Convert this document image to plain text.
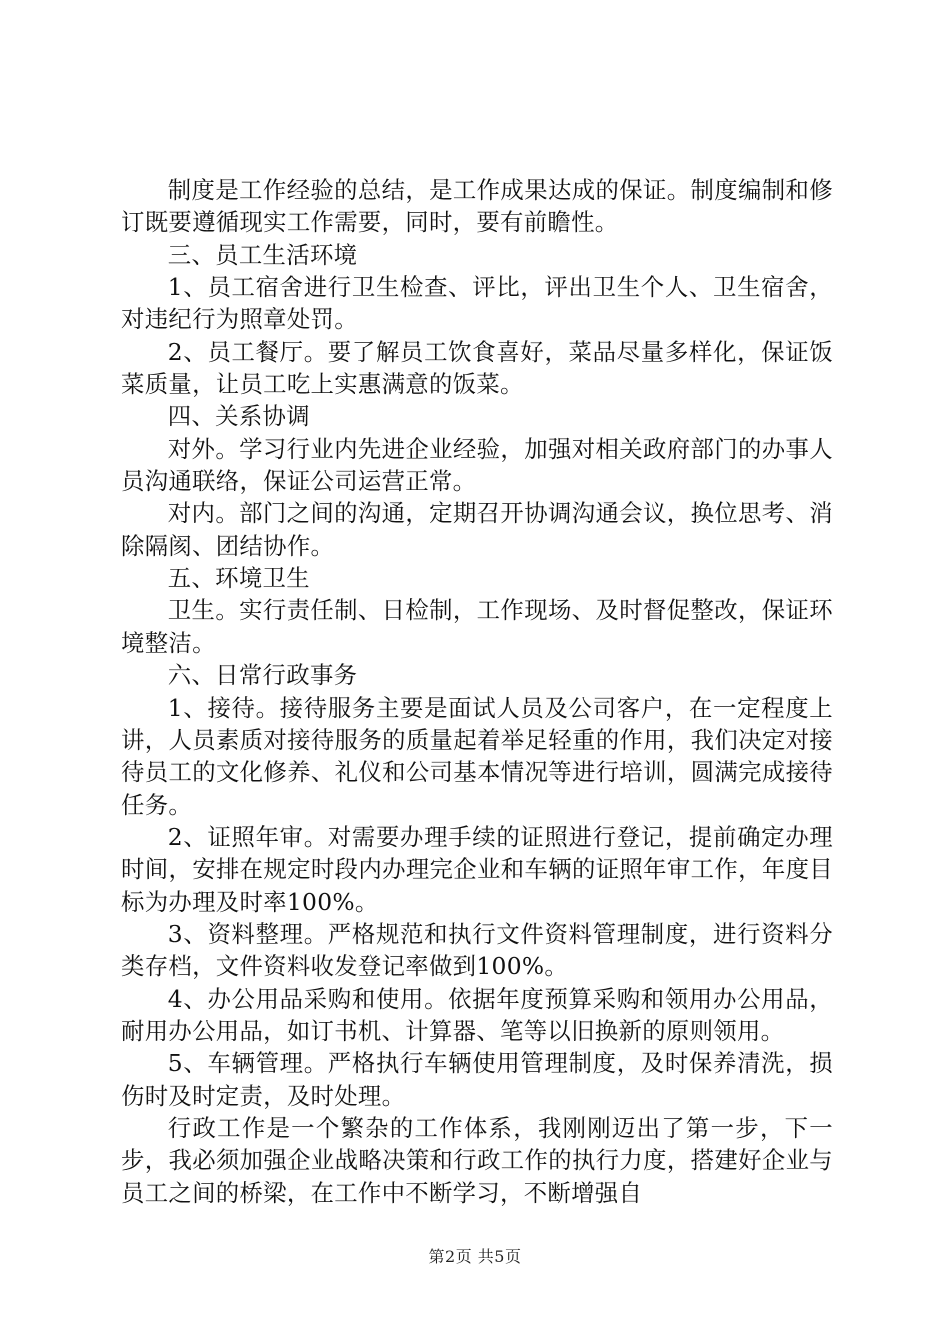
制度是工作经验的总结，是工作成果达成的保证。制度编制和修订既要遵循现实工作需要，同时，要有前瞻性。

三、员工生活环境

1、员工宿舍进行卫生检查、评比，评出卫生个人、卫生宿舍，对违纪行为照章处罚。

2、员工餐厅。要了解员工饮食喜好，菜品尽量多样化，保证饭菜质量，让员工吃上实惠满意的饭菜。

四、关系协调

对外。学习行业内先进企业经验，加强对相关政府部门的办事人员沟通联络，保证公司运营正常。

对内。部门之间的沟通，定期召开协调沟通会议，换位思考、消除隔阂、团结协作。

五、环境卫生

卫生。实行责任制、日检制，工作现场、及时督促整改，保证环境整洁。

六、日常行政事务

1、接待。接待服务主要是面试人员及公司客户，在一定程度上讲，人员素质对接待服务的质量起着举足轻重的作用，我们决定对接待员工的文化修养、礼仪和公司基本情况等进行培训，圆满完成接待任务。

2、证照年审。对需要办理手续的证照进行登记，提前确定办理时间，安排在规定时段内办理完企业和车辆的证照年审工作，年度目标为办理及时率100%。

3、资料整理。严格规范和执行文件资料管理制度，进行资料分类存档，文件资料收发登记率做到100%。

4、办公用品采购和使用。依据年度预算采购和领用办公用品，耐用办公用品，如订书机、计算器、笔等以旧换新的原则领用。

5、车辆管理。严格执行车辆使用管理制度，及时保养清洗，损伤时及时定责，及时处理。

行政工作是一个繁杂的工作体系，我刚刚迈出了第一步，下一步，我必须加强企业战略决策和行政工作的执行力度，搭建好企业与员工之间的桥梁，在工作中不断学习，不断增强自

第2页 共5页
